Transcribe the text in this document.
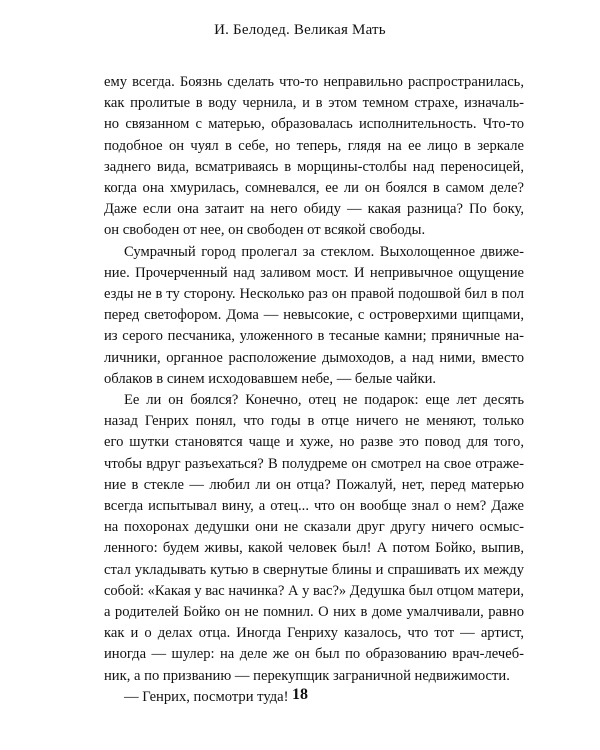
И. Белодед. Великая Мать
ему всегда. Боязнь сделать что-то неправильно распространилась,
как пролитые в воду чернила, и в этом темном страхе, изначаль-
но связанном с матерью, образовалась исполнительность. Что-то
подобное он чуял в себе, но теперь, глядя на ее лицо в зеркале
заднего вида, всматриваясь в морщины-столбы над переносицей,
когда она хмурилась, сомневался, ее ли он боялся в самом деле?
Даже если она затаит на него обиду — какая разница? По боку,
он свободен от нее, он свободен от всякой свободы.
Сумрачный город пролегал за стеклом. Выхолощенное движе-
ние. Прочерченный над заливом мост. И непривычное ощущение
езды не в ту сторону. Несколько раз он правой подошвой бил в пол
перед светофором. Дома — невысокие, с островерхими щипцами,
из серого песчаника, уложенного в тесаные камни; пряничные на-
личники, органное расположение дымоходов, а над ними, вместо
облаков в синем исходовавшем небе, — белые чайки.
Ее ли он боялся? Конечно, отец не подарок: еще лет десять
назад Генрих понял, что годы в отце ничего не меняют, только
его шутки становятся чаще и хуже, но разве это повод для того,
чтобы вдруг разъехаться? В полудреме он смотрел на свое отраже-
ние в стекле — любил ли он отца? Пожалуй, нет, перед матерью
всегда испытывал вину, а отец... что он вообще знал о нем? Даже
на похоронах дедушки они не сказали друг другу ничего осмыс-
ленного: будем живы, какой человек был! А потом Бойко, выпив,
стал укладывать кутью в свернутые блины и спрашивать их между
собой: «Какая у вас начинка? А у вас?» Дедушка был отцом матери,
а родителей Бойко он не помнил. О них в доме умалчивали, равно
как и о делах отца. Иногда Генриху казалось, что тот — артист,
иногда — шулер: на деле же он был по образованию врач-лечеб-
ник, а по призванию — перекупщик заграничной недвижимости.
— Генрих, посмотри туда! 18
